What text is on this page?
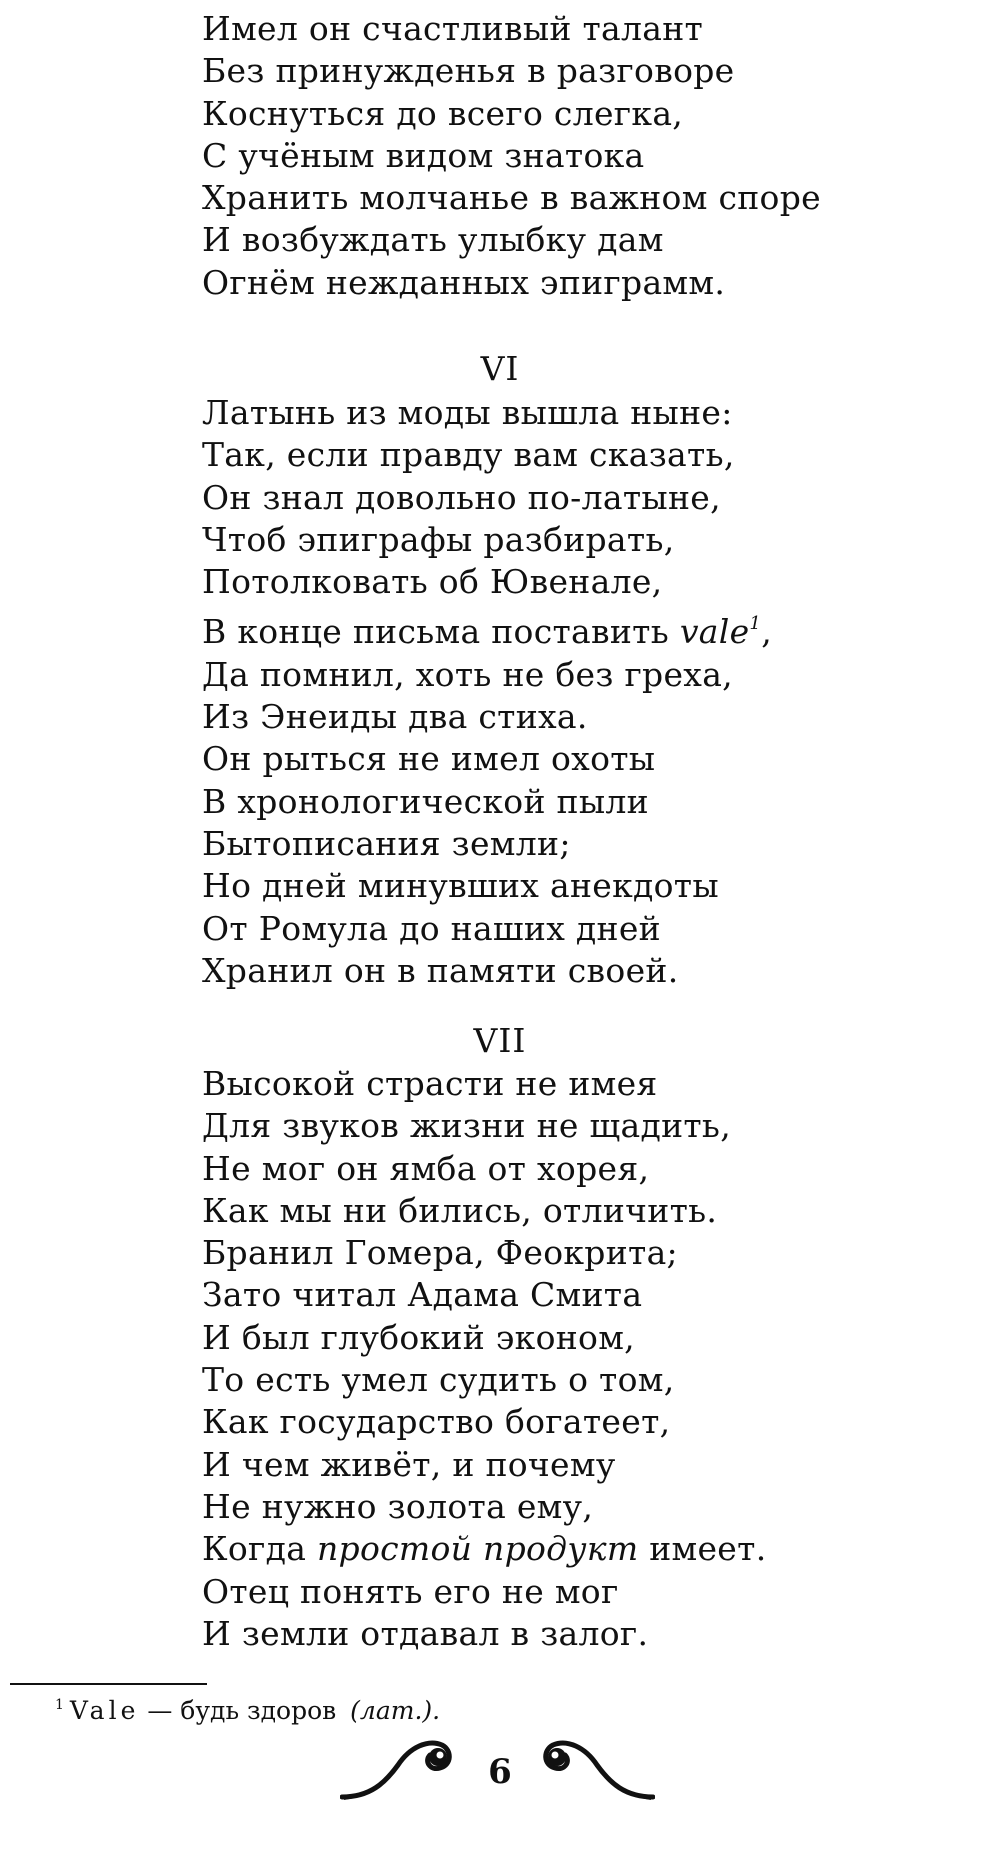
Имел он счастливый талант
Без принужденья в разговоре
Коснуться до всего слегка,
С учёным видом знатока
Хранить молчанье в важном споре
И возбуждать улыбку дам
Огнём нежданных эпиграмм.
VI
Латынь из моды вышла ныне:
Так, если правду вам сказать,
Он знал довольно по-латыне,
Чтоб эпиграфы разбирать,
Потолковать об Ювенале,
В конце письма поставить vale$^1$,
Да помнил, хоть не без греха,
Из Энеиды два стиха.
Он рыться не имел охоты
В хронологической пыли
Бытописания земли;
Но дней минувших анекдоты
От Ромула до наших дней
Хранил он в памяти своей.
VII
Высокой страсти не имея
Для звуков жизни не щадить,
Не мог он ямба от хорея,
Как мы ни бились, отличить.
Бранил Гомера, Феокрита;
Зато читал Адама Смита
И был глубокий эконом,
То есть умел судить о том,
Как государство богатеет,
И чем живёт, и почему
Не нужно золота ему,
Когда простой продукт имеет.
Отец понять его не мог
И земли отдавал в залог.
$^1$ Vale — будь здоров (лат.).
6
